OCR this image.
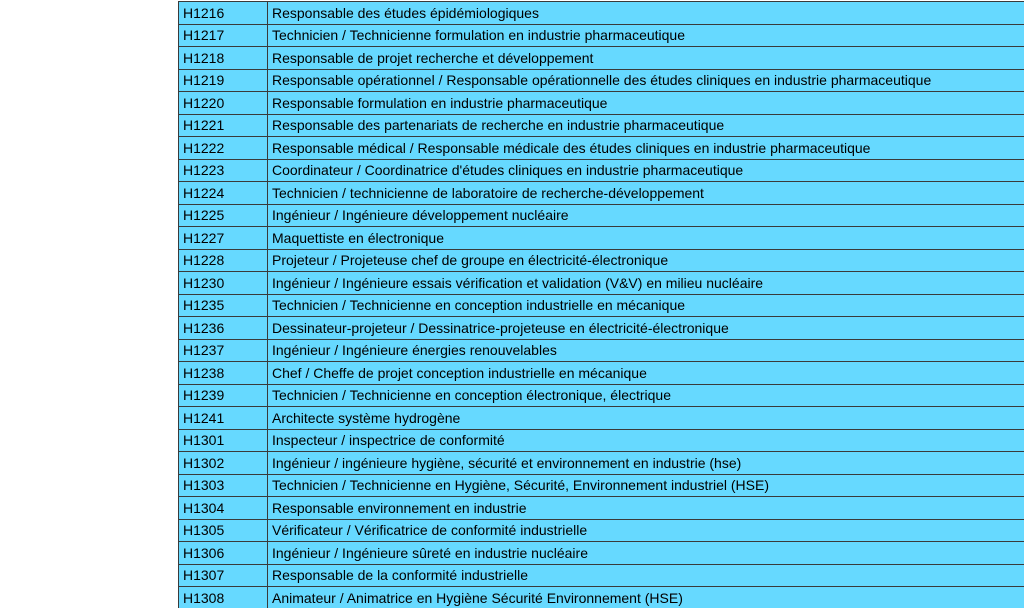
H1216	Responsable des études épidémiologiques
H1217	Technicien / Technicienne formulation en industrie pharmaceutique
H1218	Responsable de projet recherche et développement
H1219	Responsable opérationnel / Responsable opérationnelle des études cliniques en industrie pharmaceutique
H1220	Responsable formulation en industrie pharmaceutique
H1221	Responsable des partenariats de recherche en industrie pharmaceutique
H1222	Responsable médical / Responsable médicale des études cliniques en industrie pharmaceutique
H1223	Coordinateur / Coordinatrice d'études cliniques en industrie pharmaceutique
H1224	Technicien / technicienne de laboratoire de recherche-développement
H1225	Ingénieur / Ingénieure développement nucléaire
H1227	Maquettiste en électronique
H1228	Projeteur / Projeteuse chef de groupe en électricité-électronique
H1230	Ingénieur / Ingénieure essais vérification et validation (V&V) en milieu nucléaire
H1235	Technicien / Technicienne en conception industrielle en mécanique
H1236	Dessinateur-projeteur / Dessinatrice-projeteuse en électricité-électronique
H1237	Ingénieur / Ingénieure énergies renouvelables
H1238	Chef / Cheffe de projet conception industrielle en mécanique
H1239	Technicien / Technicienne en conception électronique, électrique
H1241	Architecte système hydrogène
H1301	Inspecteur / inspectrice de conformité
H1302	Ingénieur / ingénieure hygiène, sécurité et environnement en industrie (hse)
H1303	Technicien / Technicienne en Hygiène, Sécurité, Environnement industriel (HSE)
H1304	Responsable environnement en industrie
H1305	Vérificateur / Vérificatrice de conformité industrielle
H1306	Ingénieur / Ingénieure sûreté en industrie nucléaire
H1307	Responsable de la conformité industrielle
H1308	Animateur / Animatrice en Hygiène Sécurité Environnement (HSE)
